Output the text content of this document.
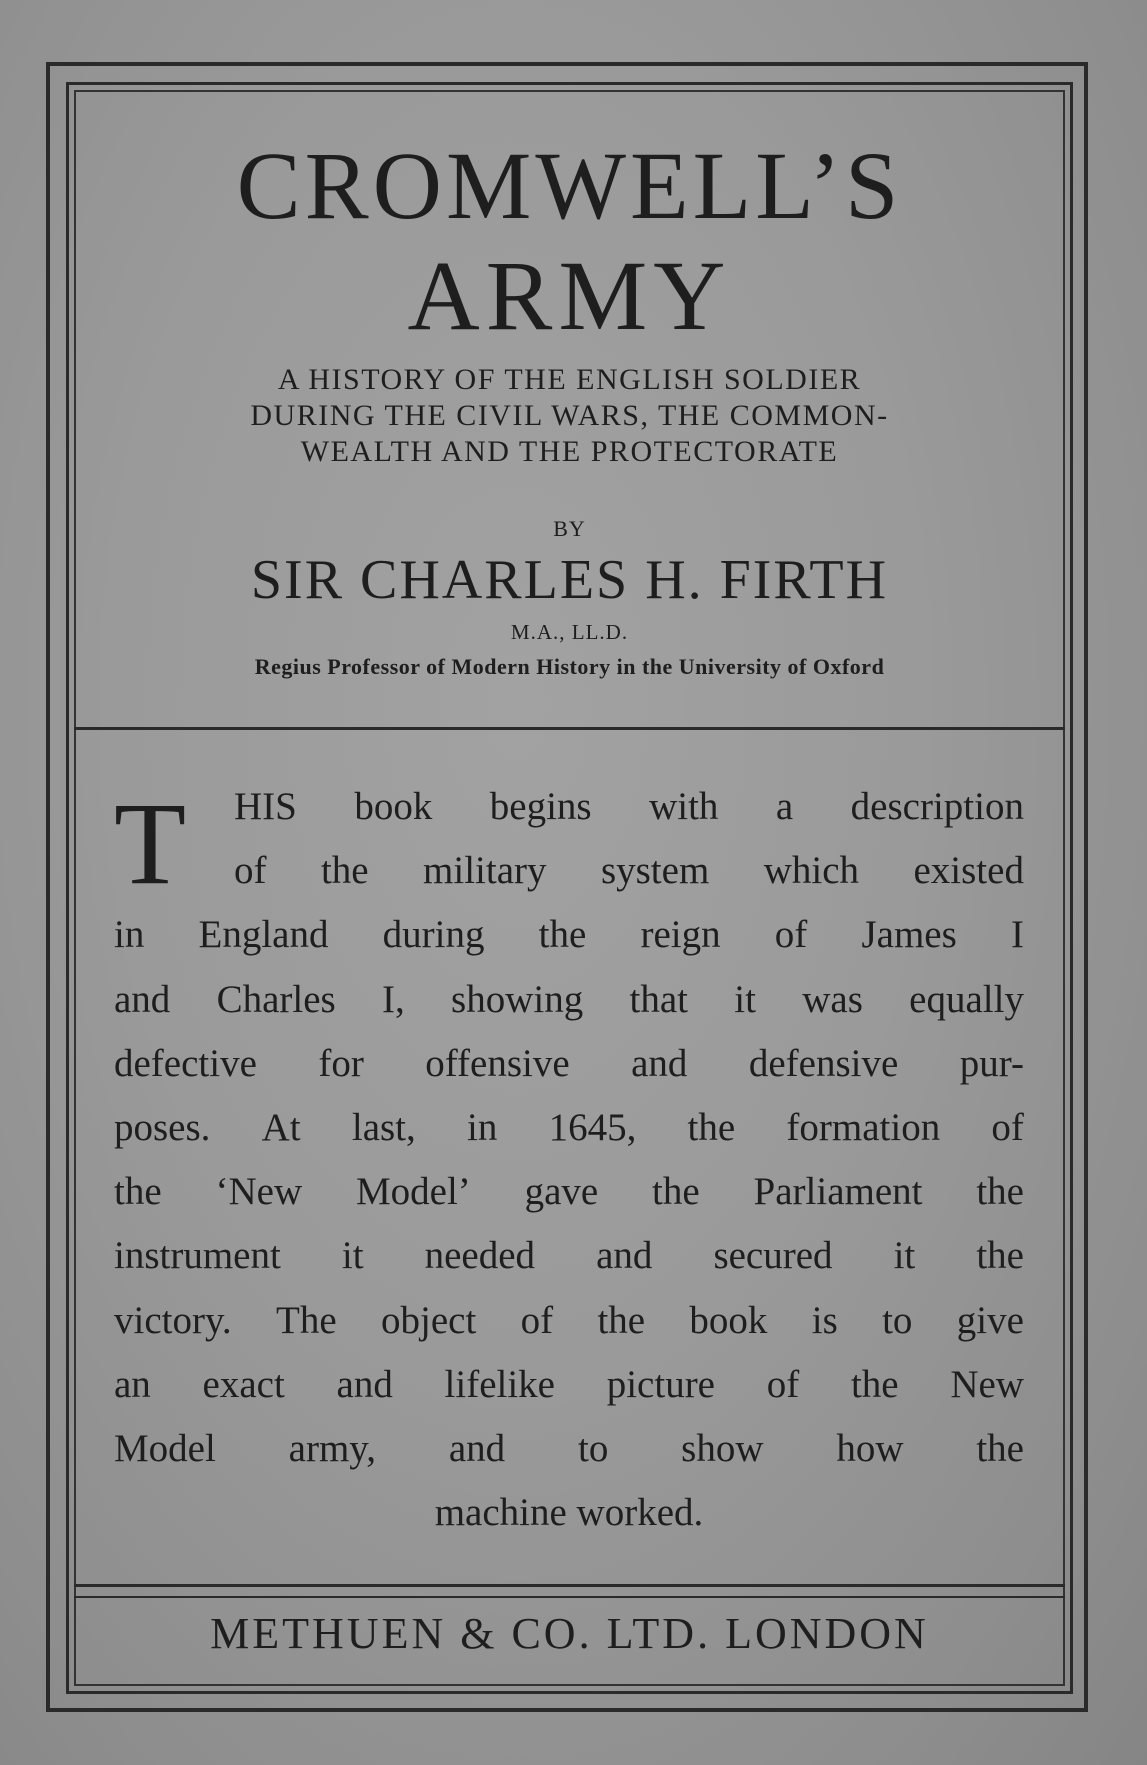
CROMWELL’S
ARMY
A HISTORY OF THE ENGLISH SOLDIER
DURING THE CIVIL WARS, THE COMMON-
WEALTH AND THE PROTECTORATE
BY
SIR CHARLES H. FIRTH
M.A., LL.D.
Regius Professor of Modern History in the University of Oxford
T HIS book begins with a description
of the military system which existed
in England during the reign of James I
and Charles I, showing that it was equally
defective for offensive and defensive pur-
poses. At last, in 1645, the formation of
the ‘New Model’ gave the Parliament the
instrument it needed and secured it the
victory. The object of the book is to give
an exact and lifelike picture of the New
Model army, and to show how the
machine worked.
METHUEN & CO. LTD. LONDON
